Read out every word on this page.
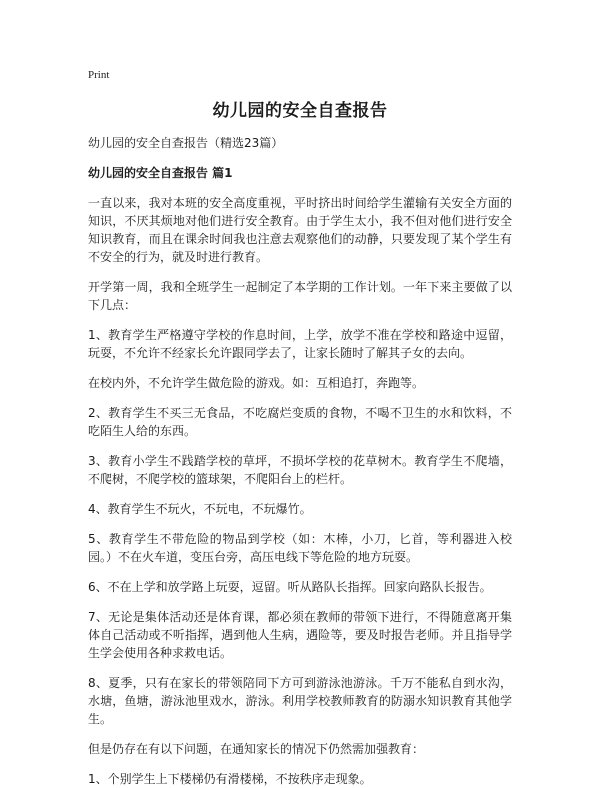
Print
幼儿园的安全自查报告
幼儿园的安全自查报告（精选23篇）
幼儿园的安全自查报告 篇1
一直以来，我对本班的安全高度重视，平时挤出时间给学生灌输有关安全方面的知识，不厌其烦地对他们进行安全教育。由于学生太小，我不但对他们进行安全知识教育，而且在课余时间我也注意去观察他们的动静，只要发现了某个学生有不安全的行为，就及时进行教育。
开学第一周，我和全班学生一起制定了本学期的工作计划。一年下来主要做了以下几点：
1、教育学生严格遵守学校的作息时间，上学，放学不准在学校和路途中逗留，玩耍，不允许不经家长允许跟同学去了，让家长随时了解其子女的去向。
在校内外，不允许学生做危险的游戏。如：互相追打，奔跑等。
2、教育学生不买三无食品，不吃腐烂变质的食物，不喝不卫生的水和饮料，不吃陌生人给的东西。
3、教育小学生不践踏学校的草坪，不损坏学校的花草树木。教育学生不爬墙，不爬树，不爬学校的篮球架，不爬阳台上的栏杆。
4、教育学生不玩火，不玩电，不玩爆竹。
5、教育学生不带危险的物品到学校（如：木棒，小刀，匕首，等利器进入校园。）不在火车道，变压台旁，高压电线下等危险的地方玩耍。
6、不在上学和放学路上玩耍，逗留。听从路队长指挥。回家向路队长报告。
7、无论是集体活动还是体育课，都必须在教师的带领下进行，不得随意离开集体自己活动或不听指挥，遇到他人生病，遇险等，要及时报告老师。并且指导学生学会使用各种求救电话。
8、夏季，只有在家长的带领陪同下方可到游泳池游泳。千万不能私自到水沟，水塘，鱼塘，游泳池里戏水，游泳。利用学校教师教育的防溺水知识教育其他学生。
但是仍存在有以下问题，在通知家长的情况下仍然需加强教育：
1、个别学生上下楼梯仍有滑楼梯，不按秩序走现象。
